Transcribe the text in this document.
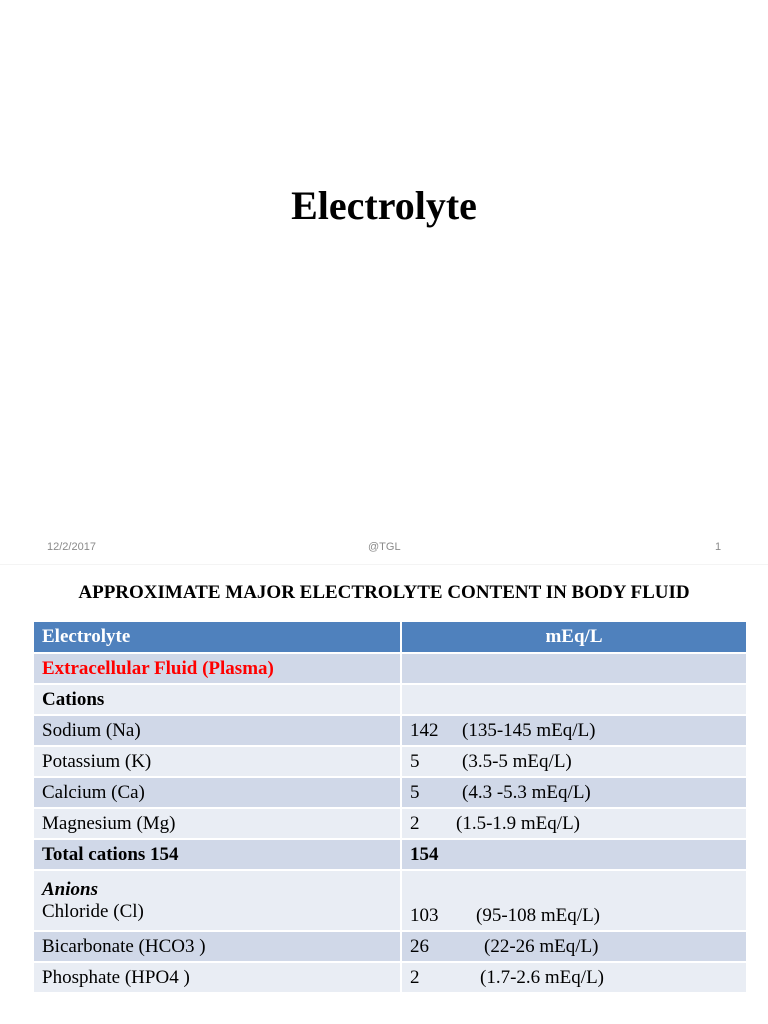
Electrolyte
12/2/2017	@TGL	1
APPROXIMATE MAJOR ELECTROLYTE CONTENT IN BODY FLUID
Electrolyte	mEq/L
Extracellular Fluid (Plasma)	
Cations	
Sodium (Na)	142 (135-145 mEq/L)
Potassium (K)	5 (3.5-5 mEq/L)
Calcium (Ca)	5 (4.3 -5.3 mEq/L)
Magnesium (Mg)	2 (1.5-1.9 mEq/L)
Total cations 154	154

Anions
Chloride (Cl)	103 (95-108 mEq/L)
Bicarbonate (HCO3 )	26 (22-26 mEq/L)
Phosphate (HPO4 )	2 (1.7-2.6 mEq/L)
